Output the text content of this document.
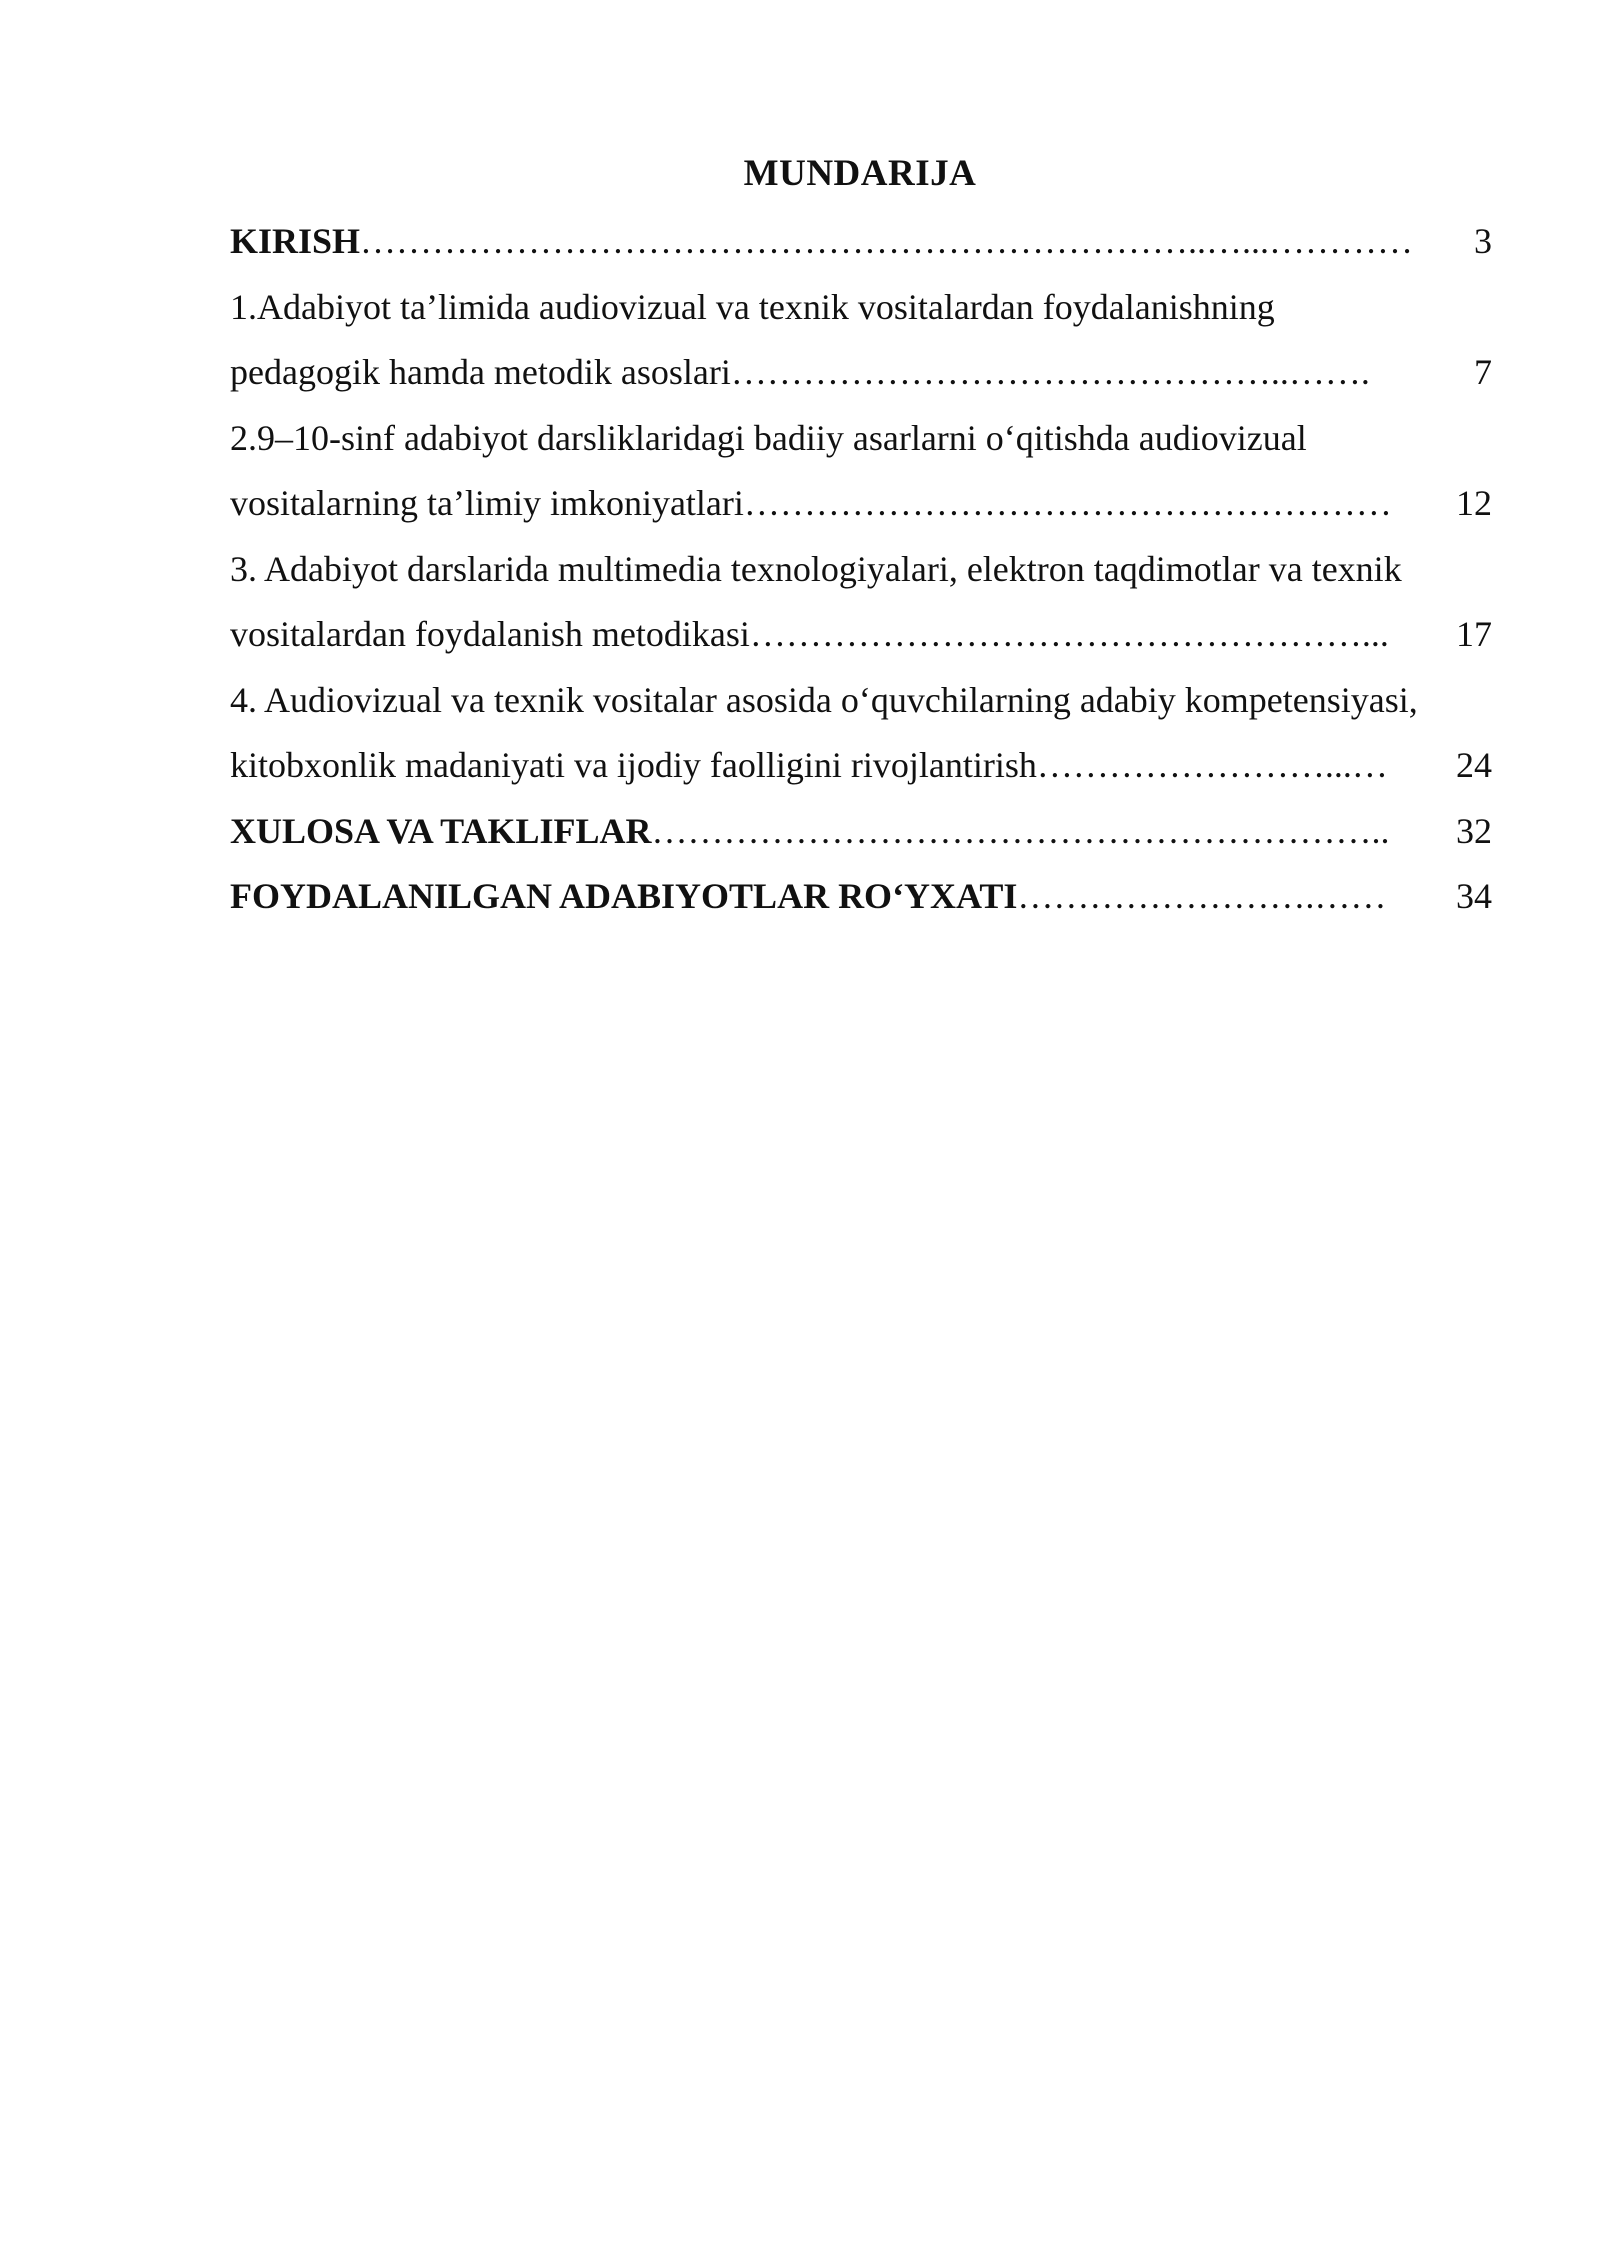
MUNDARIJA
KIRISH ……………………………………………………………..…...…………	3
1.Adabiyot ta’limida audiovizual va texnik vositalardan foydalanishning
pedagogik hamda metodik asoslari ………………………………………..…….	7
2.9–10-sinf adabiyot darsliklaridagi badiiy asarlarni o‘qitishda audiovizual
vositalarning ta’limiy imkoniyatlari ………………………………………………	12
3. Adabiyot darslarida multimedia texnologiyalari, elektron taqdimotlar va texnik
vositalardan foydalanish metodikasi ……………………………………………...	17
4. Audiovizual va texnik vositalar asosida o‘quvchilarning adabiy kompetensiyasi,
kitobxonlik madaniyati va ijodiy faolligini rivojlantirish ……………………...…	24
XULOSA VA TAKLIFLAR ……………………………………………………..	32
FOYDALANILGAN ADABIYOTLAR RO‘YXATI …………………….……	34
